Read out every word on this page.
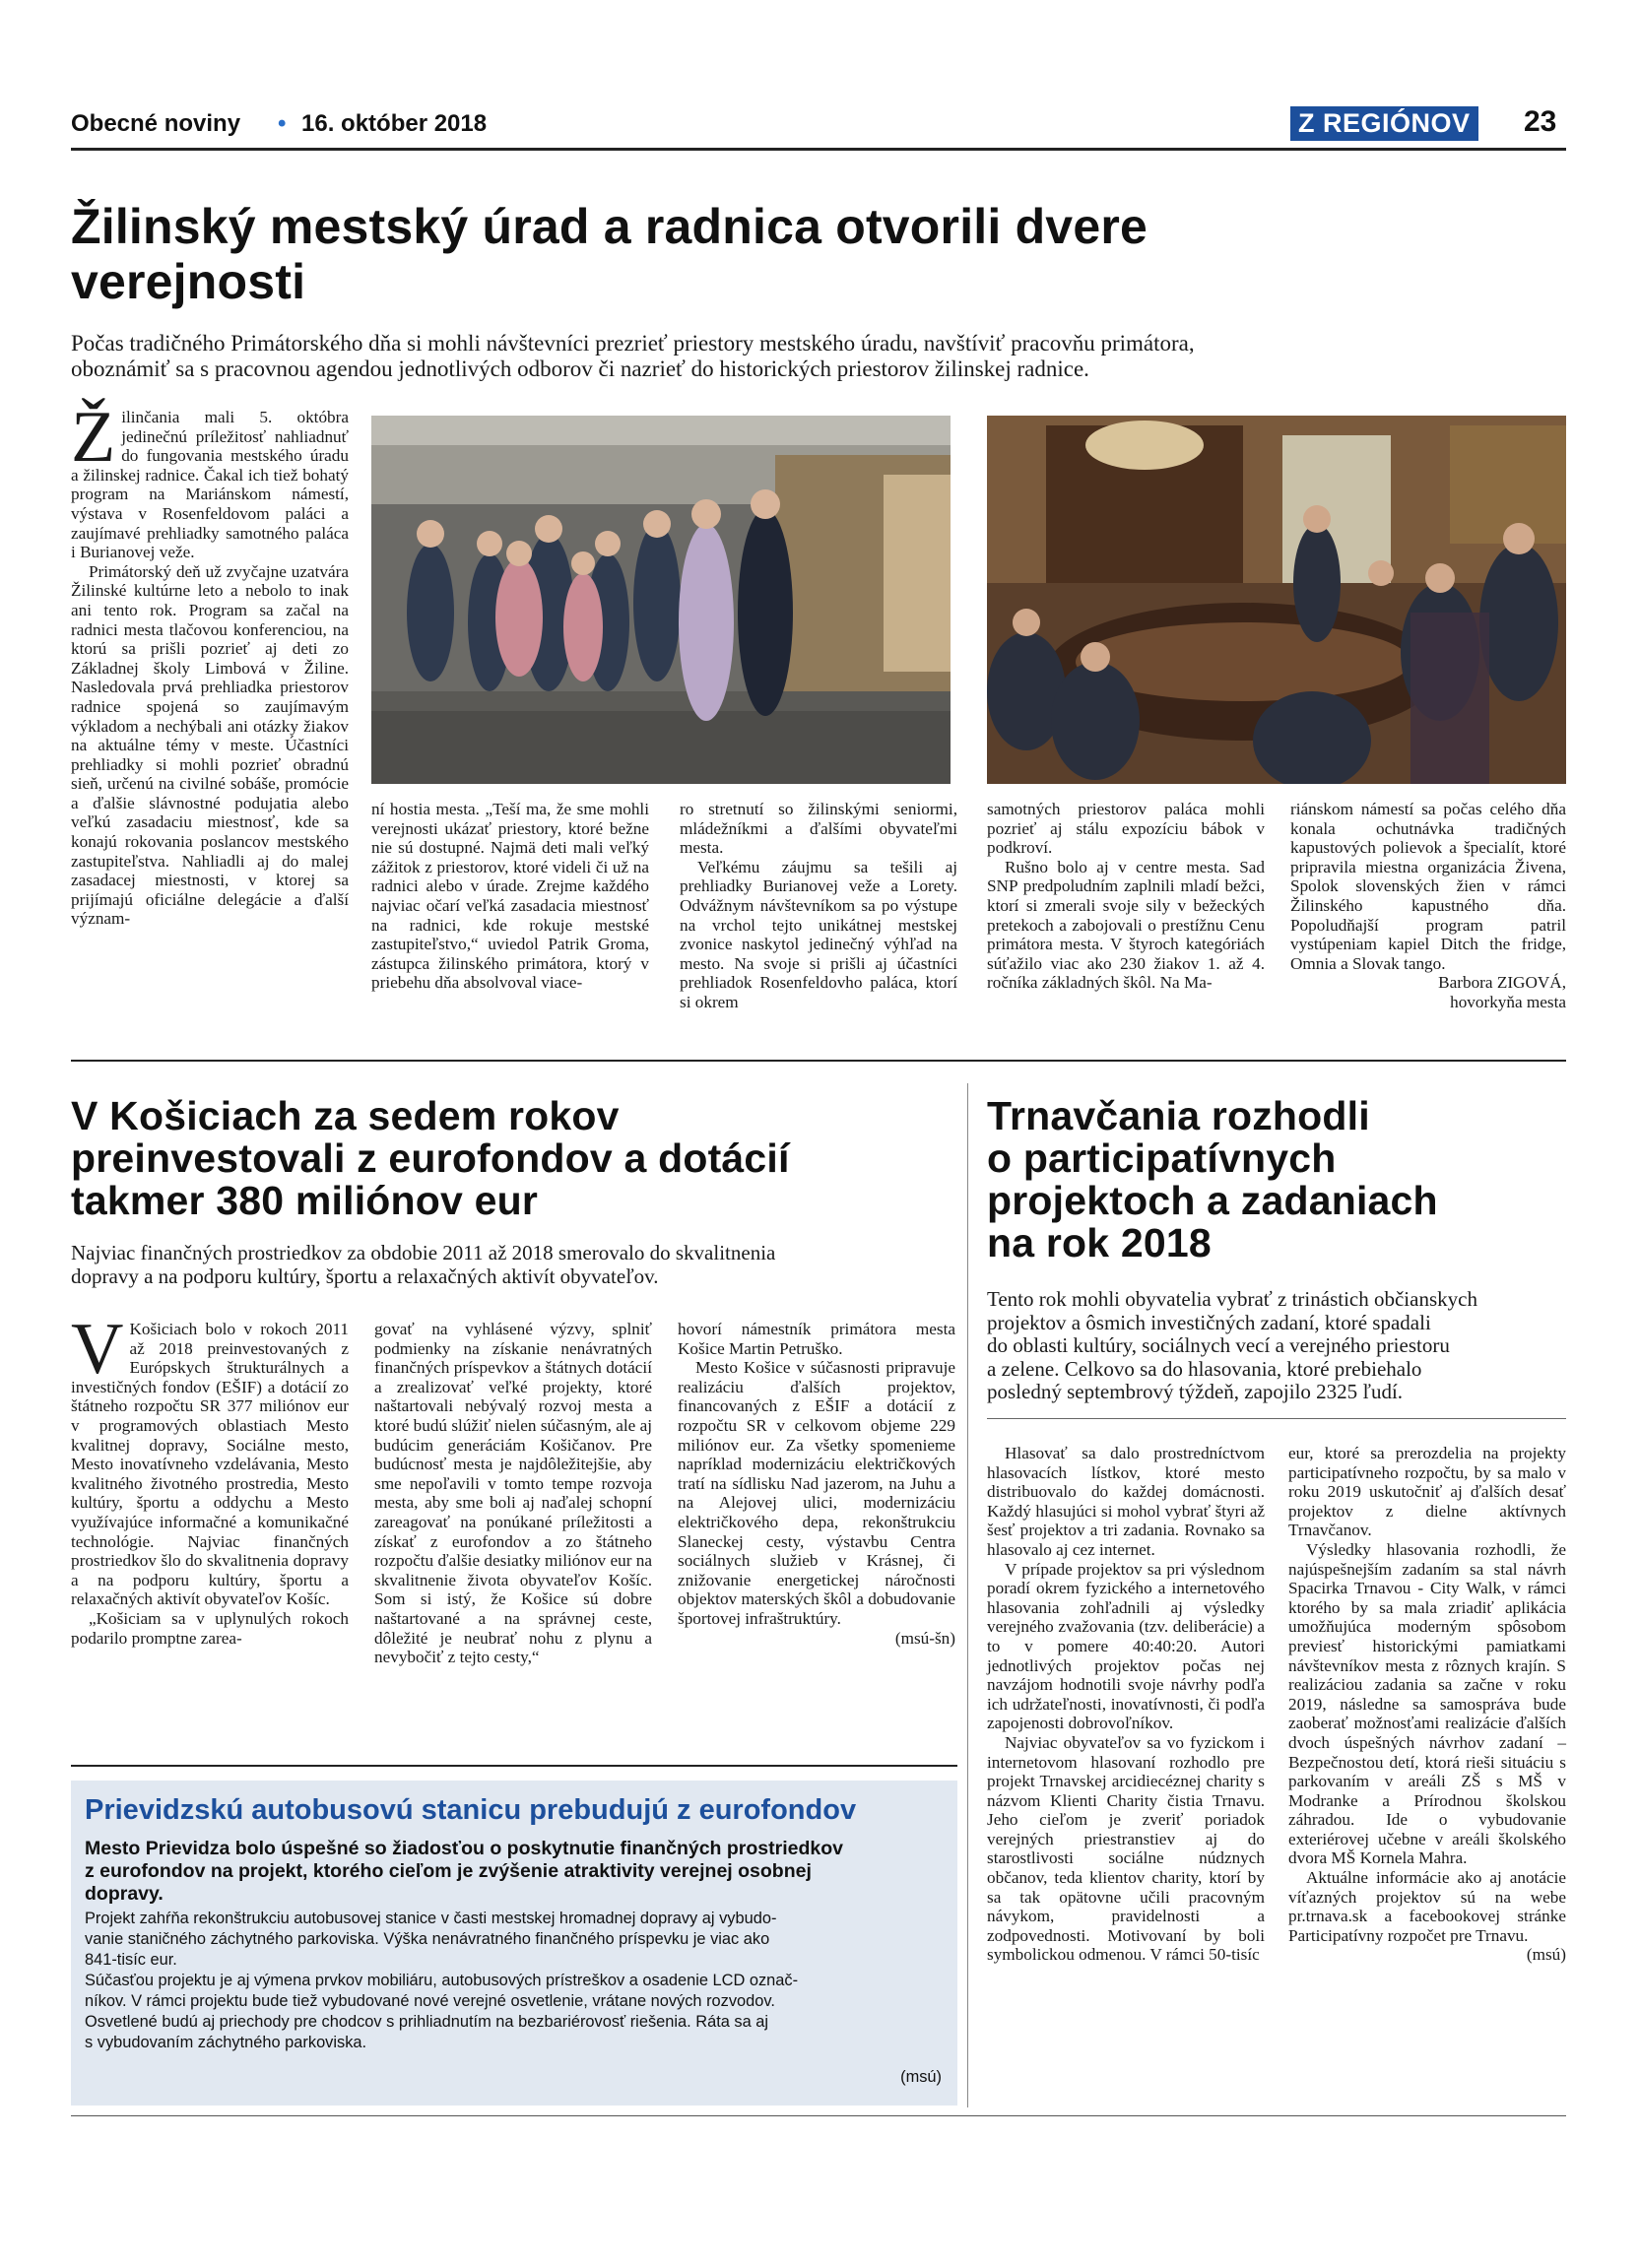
Obecné noviny • 16. október 2018	Z REGIÓNOV 23
Žilinský mestský úrad a radnica otvorili dvere
verejnosti
Počas tradičného Primátorského dňa si mohli návštevníci prezrieť priestory mestského úradu, navštíviť pracovňu primátora,
oboznámiť sa s pracovnou agendou jednotlivých odborov či nazrieť do historických priestorov žilinskej radnice.

Žilinčania mali 5. októbra jedinečnú príležitosť nahliadnuť do fungovania mestského úradu a žilinskej radnice. Čakal ich tiež bohatý program na Mariánskom námestí, výstava v Rosenfeldovom paláci a zaujímavé prehliadky samotného paláca i Burianovej veže.

Primátorský deň už zvyčajne uzatvára Žilinské kultúrne leto a nebolo to inak ani tento rok. Program sa začal na radnici mesta tlačovou konferenciou, na ktorú sa prišli pozrieť aj deti zo Základnej školy Limbová v Žiline. Nasledovala prvá prehliadka priestorov radnice spojená so zaujímavým výkladom a nechýbali ani otázky žiakov na aktuálne témy v meste. Účastníci prehliadky si mohli pozrieť obradnú sieň, určenú na civilné sobáše, promócie a ďalšie slávnostné podujatia alebo veľkú zasadaciu miestnosť, kde sa konajú rokovania poslancov mestského zastupiteľstva. Nahliadli aj do malej zasadacej miestnosti, v ktorej sa prijímajú oficiálne delegácie a ďalší význam-

ní hostia mesta. „Teší ma, že sme mohli verejnosti ukázať priestory, ktoré bežne nie sú dostupné. Najmä deti mali veľký zážitok z priestorov, ktoré videli či už na radnici alebo v úrade. Zrejme každého najviac očarí veľká zasadacia miestnosť na radnici, kde rokuje mestské zastupiteľstvo,“ uviedol Patrik Groma, zástupca žilinského primátora, ktorý v priebehu dňa absolvoval viace-

ro stretnutí so žilinskými seniormi, mládežníkmi a ďalšími obyvateľmi mesta.

Veľkému záujmu sa tešili aj prehliadky Burianovej veže a Lorety. Odvážnym návštevníkom sa po výstupe na vrchol tejto unikátnej mestskej zvonice naskytol jedinečný výhľad na mesto. Na svoje si prišli aj účastníci prehliadok Rosenfeldovho paláca, ktorí si okrem

samotných priestorov paláca mohli pozrieť aj stálu expozíciu bábok v podkroví.

Rušno bolo aj v centre mesta. Sad SNP predpoludním zaplnili mladí bežci, ktorí si zmerali svoje sily v bežeckých pretekoch a zabojovali o prestížnu Cenu primátora mesta. V štyroch kategóriách súťažilo viac ako 230 žiakov 1. až 4. ročníka základných škôl. Na Ma-

riánskom námestí sa počas celého dňa konala ochutnávka tradičných kapustových polievok a špecialít, ktoré pripravila miestna organizácia Živena, Spolok slovenských žien v rámci Žilinského kapustného dňa. Popoludňajší program patril vystúpeniam kapiel Ditch the fridge, Omnia a Slovak tango.

Barbora ZIGOVÁ,

hovorkyňa mesta

V Košiciach za sedem rokov
preinvestovali z eurofondov a dotácií
takmer 380 miliónov eur
Najviac finančných prostriedkov za obdobie 2011 až 2018 smerovalo do skvalitnenia
dopravy a na podporu kultúry, športu a relaxačných aktivít obyvateľov.

V Košiciach bolo v rokoch 2011 až 2018 preinvestovaných z Európskych štrukturálnych a investičných fondov (EŠIF) a dotácií zo štátneho rozpočtu SR 377 miliónov eur v programových oblastiach Mesto kvalitnej dopravy, Sociálne mesto, Mesto inovatívneho vzdelávania, Mesto kvalitného životného prostredia, Mesto kultúry, športu a oddychu a Mesto využívajúce informačné a komunikačné technológie. Najviac finančných prostriedkov šlo do skvalitnenia dopravy a na podporu kultúry, športu a relaxačných aktivít obyvateľov Košíc.

„Košiciam sa v uplynulých rokoch podarilo promptne zarea-

govať na vyhlásené výzvy, splniť podmienky na získanie nenávratných finančných príspevkov a štátnych dotácií a zrealizovať veľké projekty, ktoré naštartovali nebývalý rozvoj mesta a ktoré budú slúžiť nielen súčasným, ale aj budúcim generáciám Košičanov. Pre budúcnosť mesta je najdôležitejšie, aby sme nepoľavili v tomto tempe rozvoja mesta, aby sme boli aj naďalej schopní zareagovať na ponúkané príležitosti a získať z eurofondov a zo štátneho rozpočtu ďalšie desiatky miliónov eur na skvalitnenie života obyvateľov Košíc. Som si istý, že Košice sú dobre naštartované a na správnej ceste, dôležité je neubrať nohu z plynu a nevybočiť z tejto cesty,“

hovorí námestník primátora mesta Košice Martin Petruško.

Mesto Košice v súčasnosti pripravuje realizáciu ďalších projektov, financovaných z EŠIF a dotácií z rozpočtu SR v celkovom objeme 229 miliónov eur. Za všetky spomenieme napríklad modernizáciu električkových tratí na sídlisku Nad jazerom, na Juhu a na Alejovej ulici, modernizáciu električkového depa, rekonštrukciu Slaneckej cesty, výstavbu Centra sociálnych služieb v Krásnej, či znižovanie energetickej náročnosti objektov materských škôl a dobudovanie športovej infraštruktúry.

(msú-šn)

Prievidzskú autobusovú stanicu prebudujú z eurofondov
Mesto Prievidza bolo úspešné so žiadosťou o poskytnutie finančných prostriedkov
z eurofondov na projekt, ktorého cieľom je zvýšenie atraktivity verejnej osobnej
dopravy.
Projekt zahŕňa rekonštrukciu autobusovej stanice v časti mestskej hromadnej dopravy aj vybudo-
vanie staničného záchytného parkoviska. Výška nenávratného finančného príspevku je viac ako
841-tisíc eur.
Súčasťou projektu je aj výmena prvkov mobiliáru, autobusových prístreškov a osadenie LCD označ-
níkov. V rámci projektu bude tiež vybudované nové verejné osvetlenie, vrátane nových rozvodov.
Osvetlené budú aj priechody pre chodcov s prihliadnutím na bezbariérovosť riešenia. Ráta sa aj
s vybudovaním záchytného parkoviska.
(msú)
Trnavčania rozhodli
o participatívnych
projektoch a zadaniach
na rok 2018
Tento rok mohli obyvatelia vybrať z trinástich občianskych
projektov a ôsmich investičných zadaní, ktoré spadali
do oblasti kultúry, sociálnych vecí a verejného priestoru
a zelene. Celkovo sa do hlasovania, ktoré prebiehalo
posledný septembrový týždeň, zapojilo 2325 ľudí.

Hlasovať sa dalo prostredníctvom hlasovacích lístkov, ktoré mesto distribuovalo do každej domácnosti. Každý hlasujúci si mohol vybrať štyri až šesť projektov a tri zadania. Rovnako sa hlasovalo aj cez internet.

V prípade projektov sa pri výslednom poradí okrem fyzického a internetového hlasovania zohľadnili aj výsledky verejného zvažovania (tzv. deliberácie) a to v pomere 40:40:20. Autori jednotlivých projektov počas nej navzájom hodnotili svoje návrhy podľa ich udržateľnosti, inovatívnosti, či podľa zapojenosti dobrovoľníkov.

Najviac obyvateľov sa vo fyzickom i internetovom hlasovaní rozhodlo pre projekt Trnavskej arcidiecéznej charity s názvom Klienti Charity čistia Trnavu. Jeho cieľom je zveriť poriadok verejných priestranstiev aj do starostlivosti sociálne núdznych občanov, teda klientov charity, ktorí by sa tak opätovne učili pracovným návykom, pravidelnosti a zodpovednosti. Motivovaní by boli symbolickou odmenou. V rámci 50-tisíc

eur, ktoré sa prerozdelia na projekty participatívneho rozpočtu, by sa malo v roku 2019 uskutočniť aj ďalších desať projektov z dielne aktívnych Trnavčanov.

Výsledky hlasovania rozhodli, že najúspešnejším zadaním sa stal návrh Spacirka Trnavou - City Walk, v rámci ktorého by sa mala zriadiť aplikácia umožňujúca moderným spôsobom previesť historickými pamiatkami návštevníkov mesta z rôznych krajín. S realizáciou zadania sa začne v roku 2019, následne sa samospráva bude zaoberať možnosťami realizácie ďalších dvoch úspešných návrhov zadaní – Bezpečnostou detí, ktorá rieši situáciu s parkovaním v areáli ZŠ s MŠ v Modranke a Prírodnou školskou záhradou. Ide o vybudovanie exteriérovej učebne v areáli školského dvora MŠ Kornela Mahra.

Aktuálne informácie ako aj anotácie víťazných projektov sú na webe pr.trnava.sk a facebookovej stránke Participatívny rozpočet pre Trnavu.

(msú)
